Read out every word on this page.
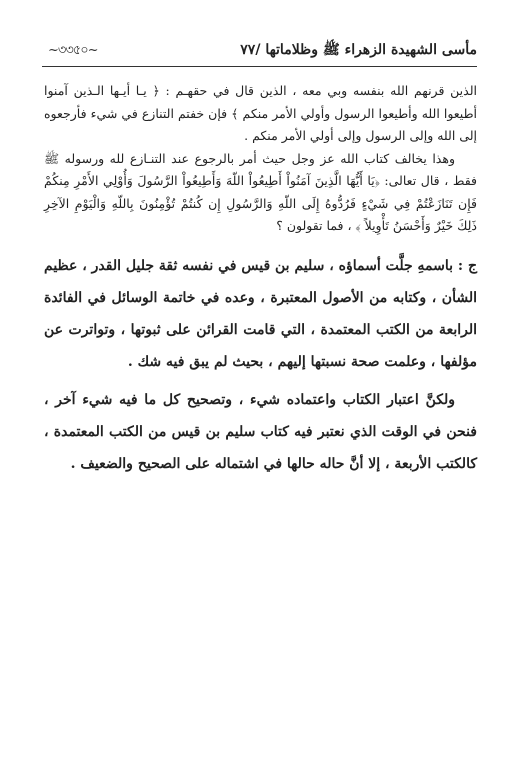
مأسى الشهيدة الزهراء ﷺ وظلاماتها /٧٧
~৩৩৫০~

الذين قرنهم الله بنفسه وبي معه ، الذين قال في حقهـم : ﴿ يـا أيـها الـذين آمنوا أطيعوا الله وأطيعوا الرسول وأولي الأمر منكم ﴾ فإن خفتم التنازع في شيء فأرجعوه إلى الله وإلى الرسول وإلى أولي الأمر منكم .

وهذا يخالف كتاب الله عز وجل حيث أمر بالرجوع عند التنـازع لله ورسوله ﷺ فقط ، قال تعالى: ﴿يَا أَيُّهَا الَّذِينَ آمَنُواْ أَطِيعُواْ اللّهَ وَأَطِيعُواْ الرَّسُولَ وَأُوْلِي الأَمْرِ مِنكُمْ فَإِن تَنَازَعْتُمْ فِي شَيْءٍ فَرُدُّوهُ إِلَى اللّهِ وَالرَّسُولِ إِن كُنتُمْ تُؤْمِنُونَ بِاللّهِ وَالْيَوْمِ الآخِرِ ذَلِكَ خَيْرٌ وَأَحْسَنُ تَأْوِيلاً ﴾ ، فما تقولون ؟

ج : باسمهِ جلَّت أسماؤه ، سليم بن قيس في نفسه ثقة جليل القدر ، عظيم الشأن ، وكتابه من الأصول المعتبرة ، وعده في خاتمة الوسائل في الفائدة الرابعة من الكتب المعتمدة ، التي قامت القرائن على ثبوتها ، وتواترت عن مؤلفها ، وعلمت صحة نسبتها إليهم ، بحيث لم يبق فيه شك .

ولكنَّ اعتبار الكتاب واعتماده شيء ، وتصحيح كل ما فيه شيء آخر ، فنحن في الوقت الذي نعتبر فيه كتاب سليم بن قيس من الكتب المعتمدة ، كالكتب الأربعة ، إلا أنَّ حاله حالها في اشتماله على الصحيح والضعيف .
